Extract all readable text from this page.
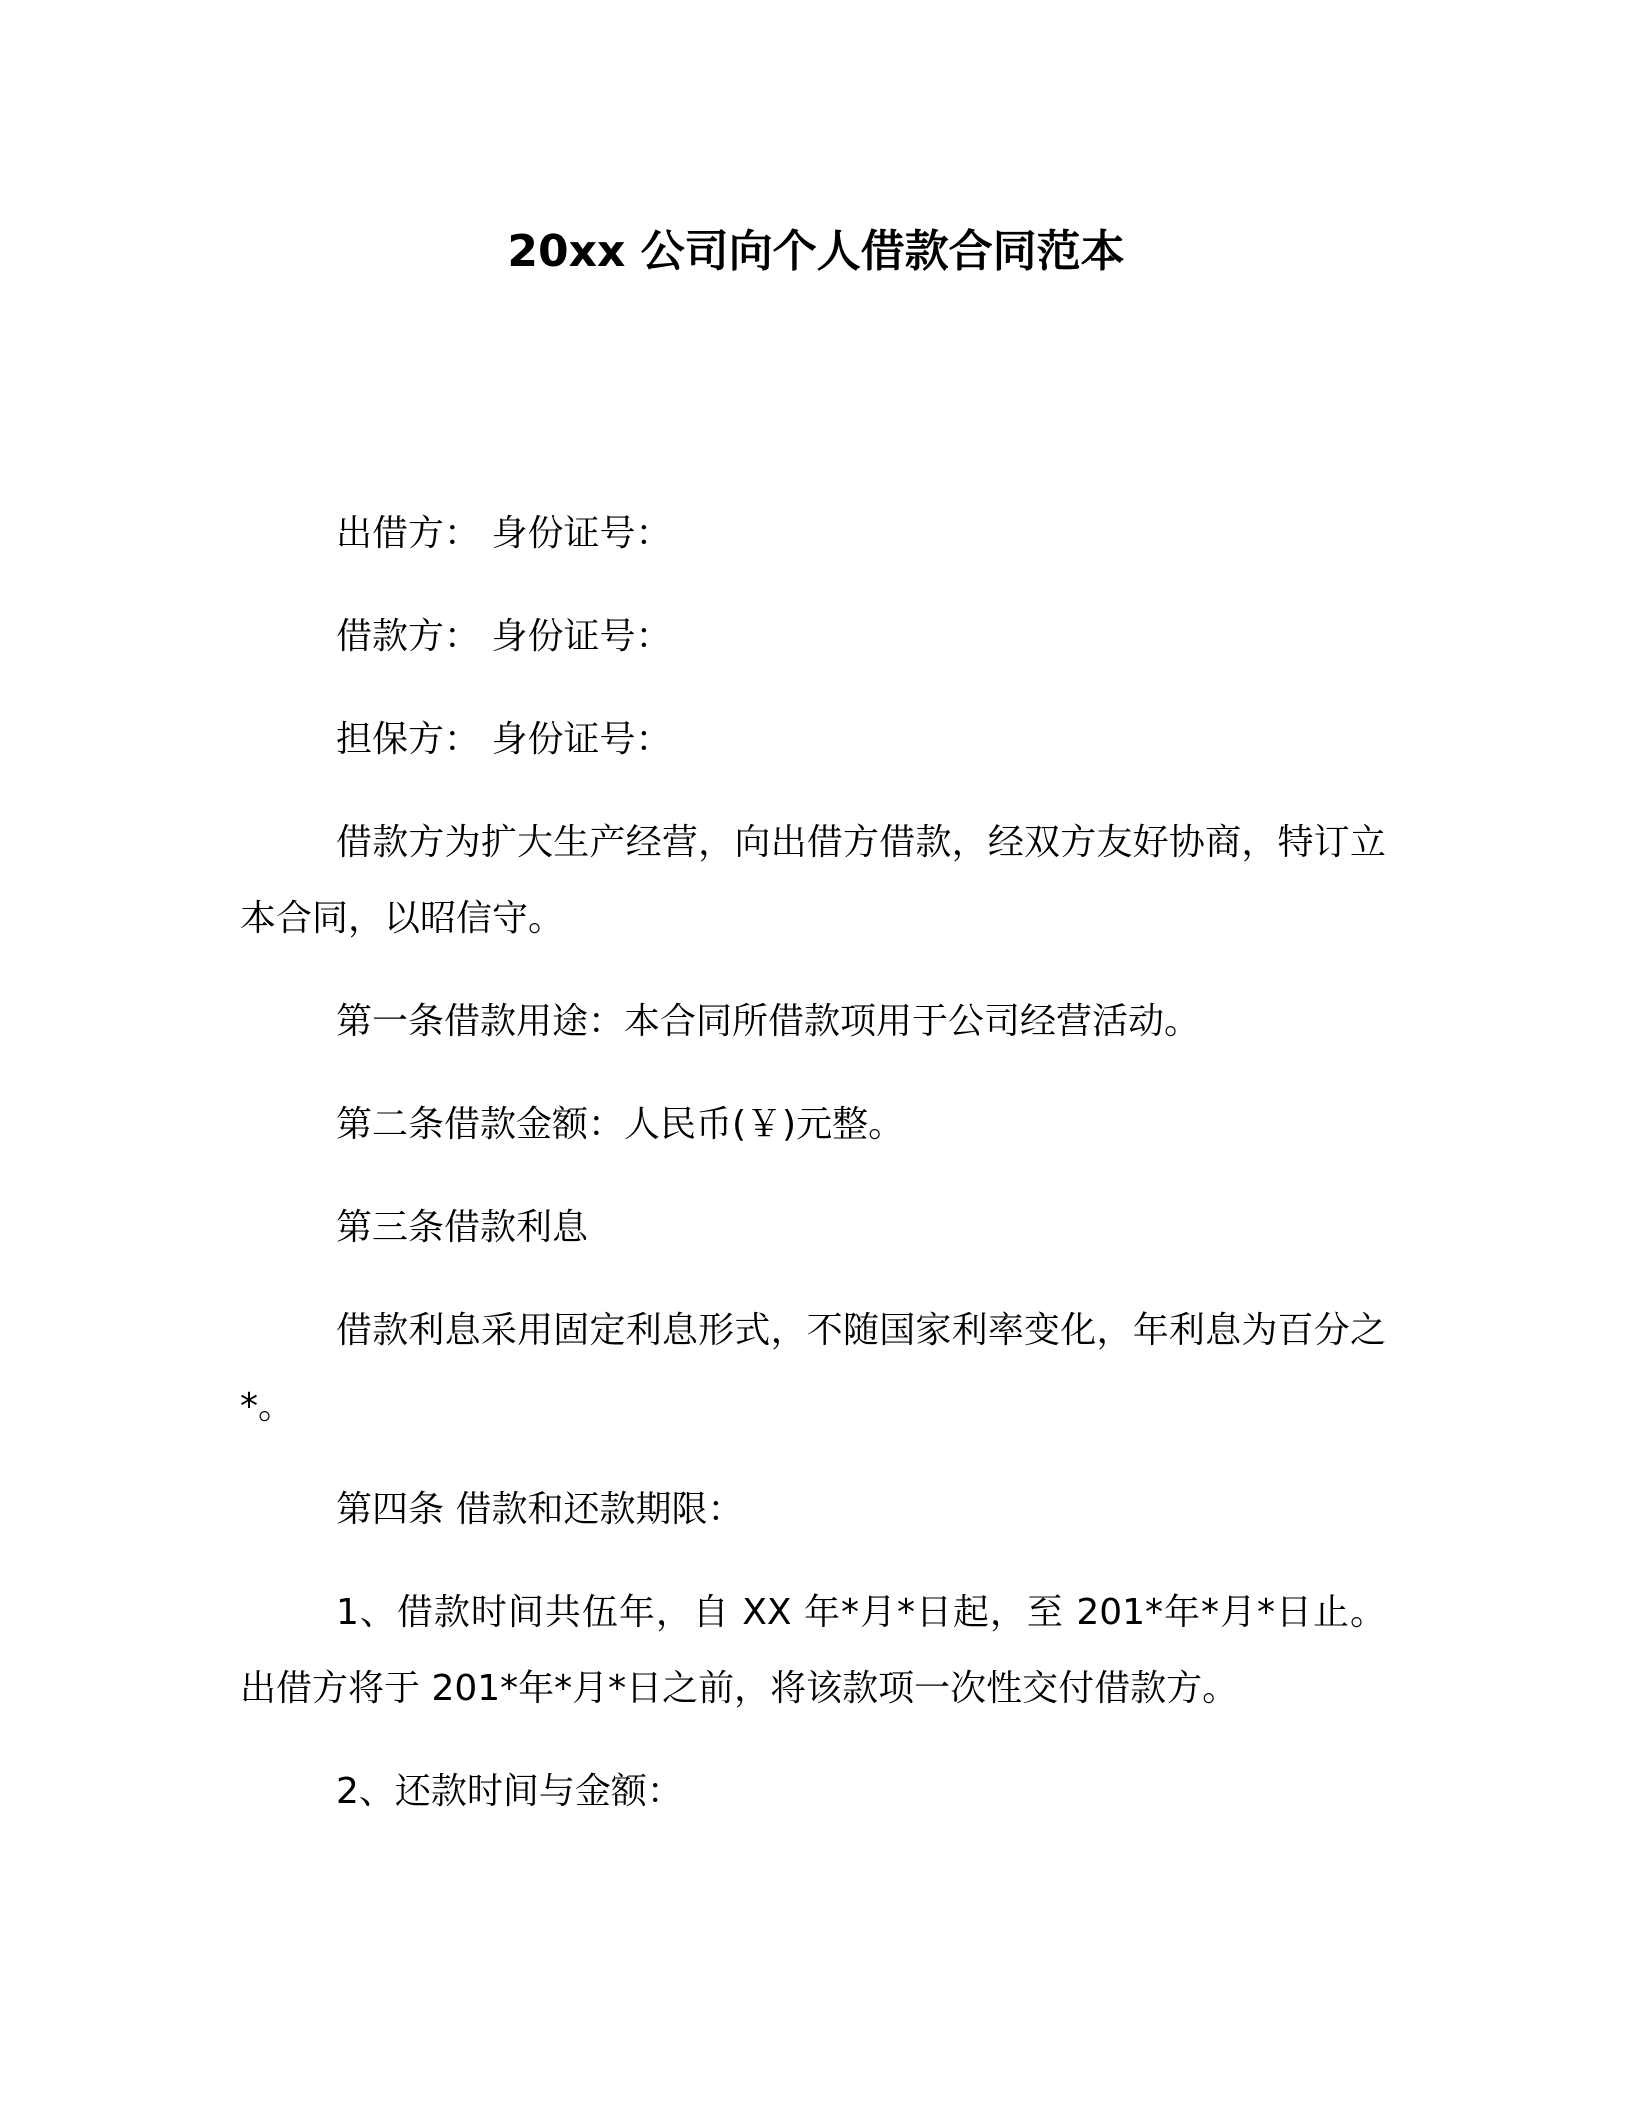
20xx 公司向个人借款合同范本

出借方： 身份证号：

借款方： 身份证号：

担保方： 身份证号：

借款方为扩大生产经营，向出借方借款，经双方友好协商，特订立本合同，以昭信守。

第一条借款用途：本合同所借款项用于公司经营活动。

第二条借款金额：人民币(￥)元整。

第三条借款利息

借款利息采用固定利息形式，不随国家利率变化，年利息为百分之*。

第四条 借款和还款期限：

1、借款时间共伍年，自 XX 年*月*日起，至 201*年*月*日止。出借方将于 201*年*月*日之前，将该款项一次性交付借款方。

2、还款时间与金额：
